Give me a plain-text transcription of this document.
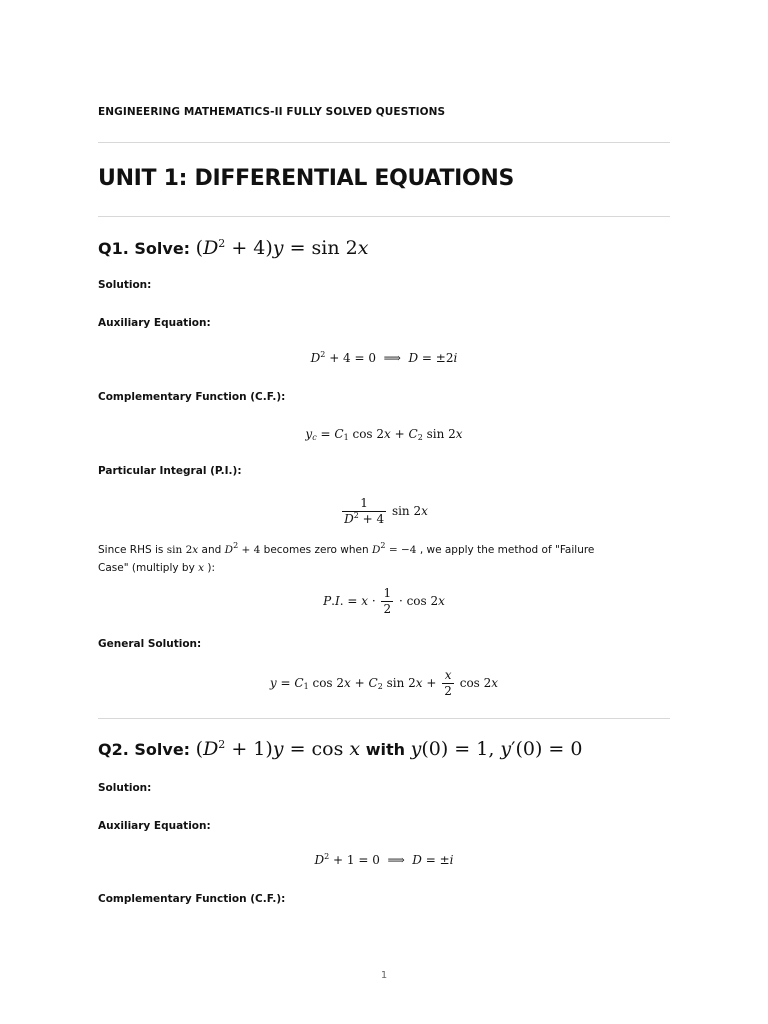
ENGINEERING MATHEMATICS-II FULLY SOLVED QUESTIONS
UNIT 1: DIFFERENTIAL EQUATIONS
Q1. Solve: $(D^2 + 4)y = \sin 2x$
Solution:
Auxiliary Equation:
$D^2 + 4 = 0$  ⟹  D = ±2i
Complementary Function (C.F.):
$y_c = C_1$ $\cos 2x + C_2$ sin 2x
Particular Integral (P.I.):
$\frac{1}{D^2 + 4}$ sin 2x
Since RHS is sin 2x and $D^2 + 4$ becomes zero when $D^2 = -4$ , we apply the method of "Failure Case" (multiply by x ):
P.I. = $x \cdot \frac{1}{2} \cdot \cos 2x$
General Solution:
$y = C_1$ $\cos 2x + C_2$ $\sin 2x + \frac{x}{2}$ cos 2x
Q2. Solve: $(D^2 + 1)y = \cos x$ with y(0) = 1, y′(0) = 0
Solution:
Auxiliary Equation:
$D^2 + 1 = 0$  ⟹  D = ±i
Complementary Function (C.F.):
1
